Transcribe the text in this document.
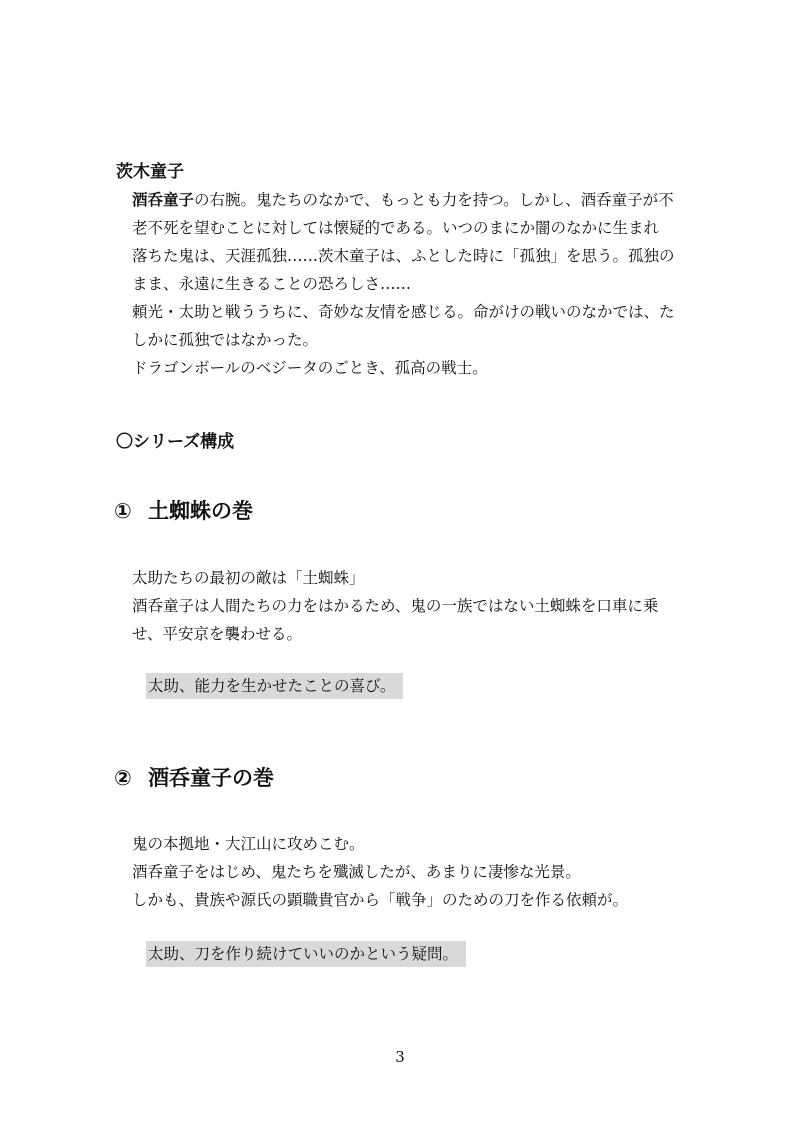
茨木童子
酒呑童子の右腕。鬼たちのなかで、もっとも力を持つ。しかし、酒呑童子が不
老不死を望むことに対しては懐疑的である。いつのまにか闇のなかに生まれ
落ちた鬼は、天涯孤独……茨木童子は、ふとした時に「孤独」を思う。孤独の
まま、永遠に生きることの恐ろしさ……
頼光・太助と戦ううちに、奇妙な友情を感じる。命がけの戦いのなかでは、た
しかに孤独ではなかった。
ドラゴンボールのベジータのごとき、孤高の戦士。
〇シリーズ構成
① 土蜘蛛の巻
太助たちの最初の敵は「土蜘蛛」
酒呑童子は人間たちの力をはかるため、鬼の一族ではない土蜘蛛を口車に乗
せ、平安京を襲わせる。
太助、能力を生かせたことの喜び。
② 酒呑童子の巻
鬼の本拠地・大江山に攻めこむ。
酒呑童子をはじめ、鬼たちを殲滅したが、あまりに凄惨な光景。
しかも、貴族や源氏の顕職貴官から「戦争」のための刀を作る依頼が。
太助、刀を作り続けていいのかという疑問。
3
